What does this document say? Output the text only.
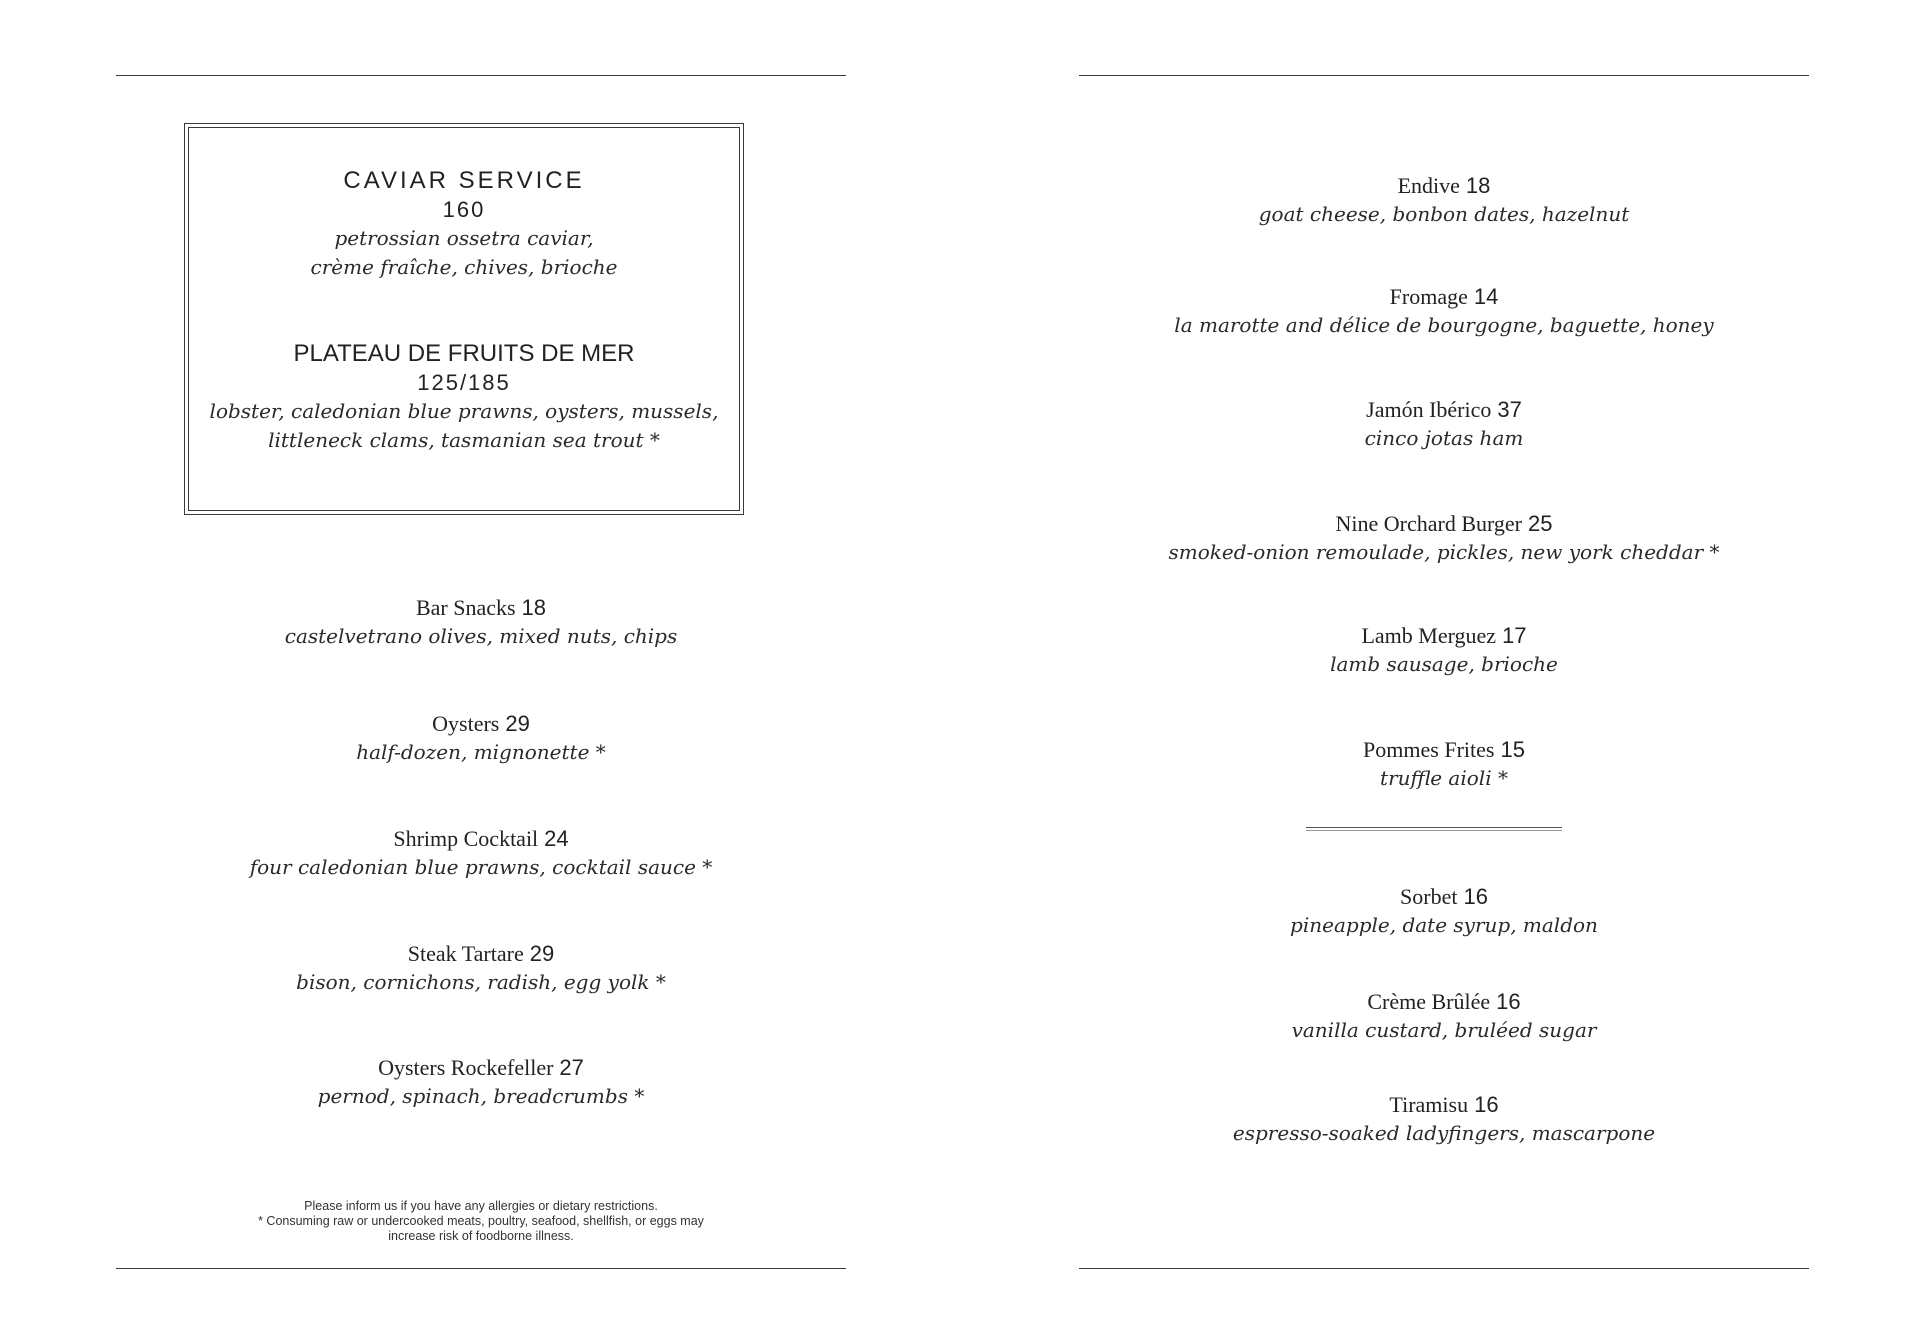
CAVIAR SERVICE
160
petrossian ossetra caviar,
crème fraîche, chives, brioche
PLATEAU DE FRUITS DE MER
125/185
lobster, caledonian blue prawns, oysters, mussels,
littleneck clams, tasmanian sea trout *
Bar Snacks 18
castelvetrano olives, mixed nuts, chips
Oysters 29
half-dozen, mignonette *
Shrimp Cocktail 24
four caledonian blue prawns, cocktail sauce *
Steak Tartare 29
bison, cornichons, radish, egg yolk *
Oysters Rockefeller 27
pernod, spinach, breadcrumbs *
Please inform us if you have any allergies or dietary restrictions.
* Consuming raw or undercooked meats, poultry, seafood, shellfish, or eggs may
increase risk of foodborne illness.
Endive 18
goat cheese, bonbon dates, hazelnut
Fromage 14
la marotte and délice de bourgogne, baguette, honey
Jamón Ibérico 37
cinco jotas ham
Nine Orchard Burger 25
smoked-onion remoulade, pickles, new york cheddar *
Lamb Merguez 17
lamb sausage, brioche
Pommes Frites 15
truffle aioli *
Sorbet 16
pineapple, date syrup, maldon
Crème Brûlée 16
vanilla custard, bruléed sugar
Tiramisu 16
espresso-soaked ladyfingers, mascarpone
